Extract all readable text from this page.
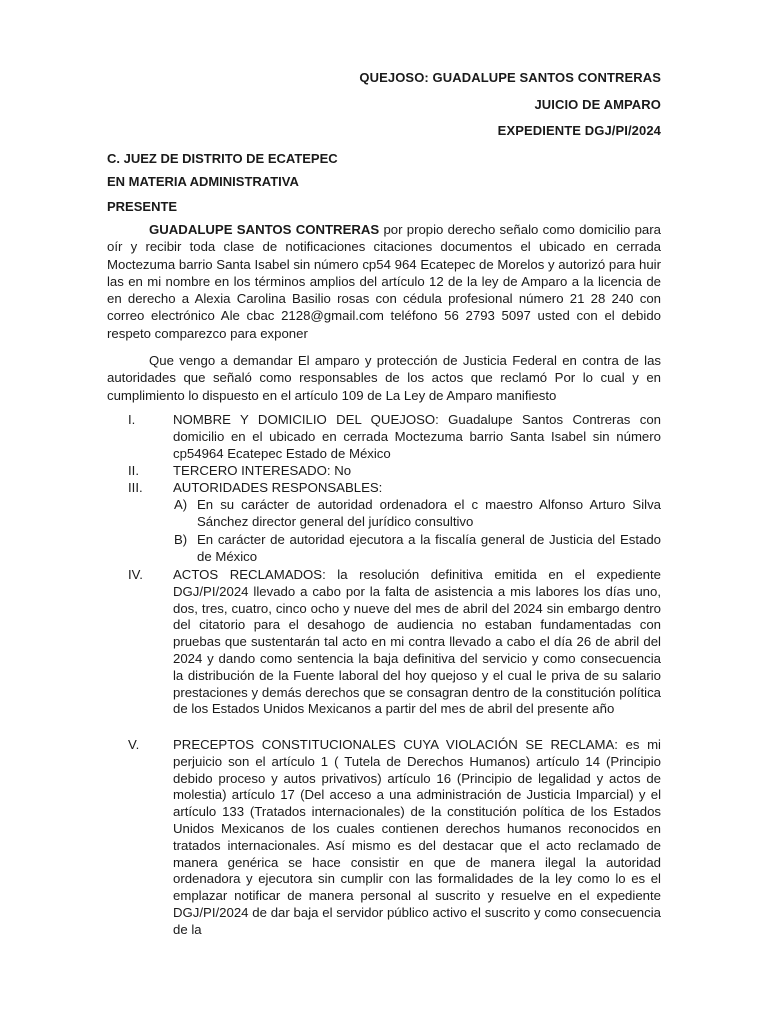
QUEJOSO: GUADALUPE SANTOS CONTRERAS
JUICIO DE AMPARO
EXPEDIENTE DGJ/PI/2024
C. JUEZ DE DISTRITO DE ECATEPEC
EN MATERIA ADMINISTRATIVA
PRESENTE
GUADALUPE SANTOS CONTRERAS por propio derecho señalo como domicilio para oír y recibir toda clase de notificaciones citaciones documentos el ubicado en cerrada Moctezuma barrio Santa Isabel sin número cp54 964 Ecatepec de Morelos y autorizó para huir las en mi nombre en los términos amplios del artículo 12 de la ley de Amparo a la licencia de en derecho a Alexia Carolina Basilio rosas con cédula profesional número 21 28 240 con correo electrónico Ale cbac 2128@gmail.com teléfono 56 2793 5097 usted con el debido respeto comparezco para exponer
Que vengo a demandar El amparo y protección de Justicia Federal en contra de las autoridades que señaló como responsables de los actos que reclamó Por lo cual y en cumplimiento lo dispuesto en el artículo 109 de La Ley de Amparo manifiesto
I.	NOMBRE Y DOMICILIO DEL QUEJOSO: Guadalupe Santos Contreras con domicilio en el ubicado en cerrada Moctezuma barrio Santa Isabel sin número cp54964 Ecatepec Estado de México
II.	TERCERO INTERESADO: No
III. AUTORIDADES RESPONSABLES:
A) En su carácter de autoridad ordenadora el c maestro Alfonso Arturo Silva Sánchez director general del jurídico consultivo
B) En carácter de autoridad ejecutora a la fiscalía general de Justicia del Estado de México
IV. ACTOS RECLAMADOS: la resolución definitiva emitida en el expediente DGJ/PI/2024 llevado a cabo por la falta de asistencia a mis labores los días uno, dos, tres, cuatro, cinco ocho y nueve del mes de abril del 2024 sin embargo dentro del citatorio para el desahogo de audiencia no estaban fundamentadas con pruebas que sustentarán tal acto en mi contra llevado a cabo el día 26 de abril del 2024 y dando como sentencia la baja definitiva del servicio y como consecuencia la distribución de la Fuente laboral del hoy quejoso y el cual le priva de su salario prestaciones y demás derechos que se consagran dentro de la constitución política de los Estados Unidos Mexicanos a partir del mes de abril del presente año
V.	PRECEPTOS CONSTITUCIONALES CUYA VIOLACIÓN SE RECLAMA: es mi perjuicio son el artículo 1 ( Tutela de Derechos Humanos) artículo 14 (Principio debido proceso y autos privativos) artículo 16 (Principio de legalidad y actos de molestia) artículo 17 (Del acceso a una administración de Justicia Imparcial) y el artículo 133 (Tratados internacionales) de la constitución política de los Estados Unidos Mexicanos de los cuales contienen derechos humanos reconocidos en tratados internacionales. Así mismo es del destacar que el acto reclamado de manera genérica se hace consistir en que de manera ilegal la autoridad ordenadora y ejecutora sin cumplir con las formalidades de la ley como lo es el emplazar notificar de manera personal al suscrito y resuelve en el expediente DGJ/PI/2024 de dar baja el servidor público activo el suscrito y como consecuencia de la
